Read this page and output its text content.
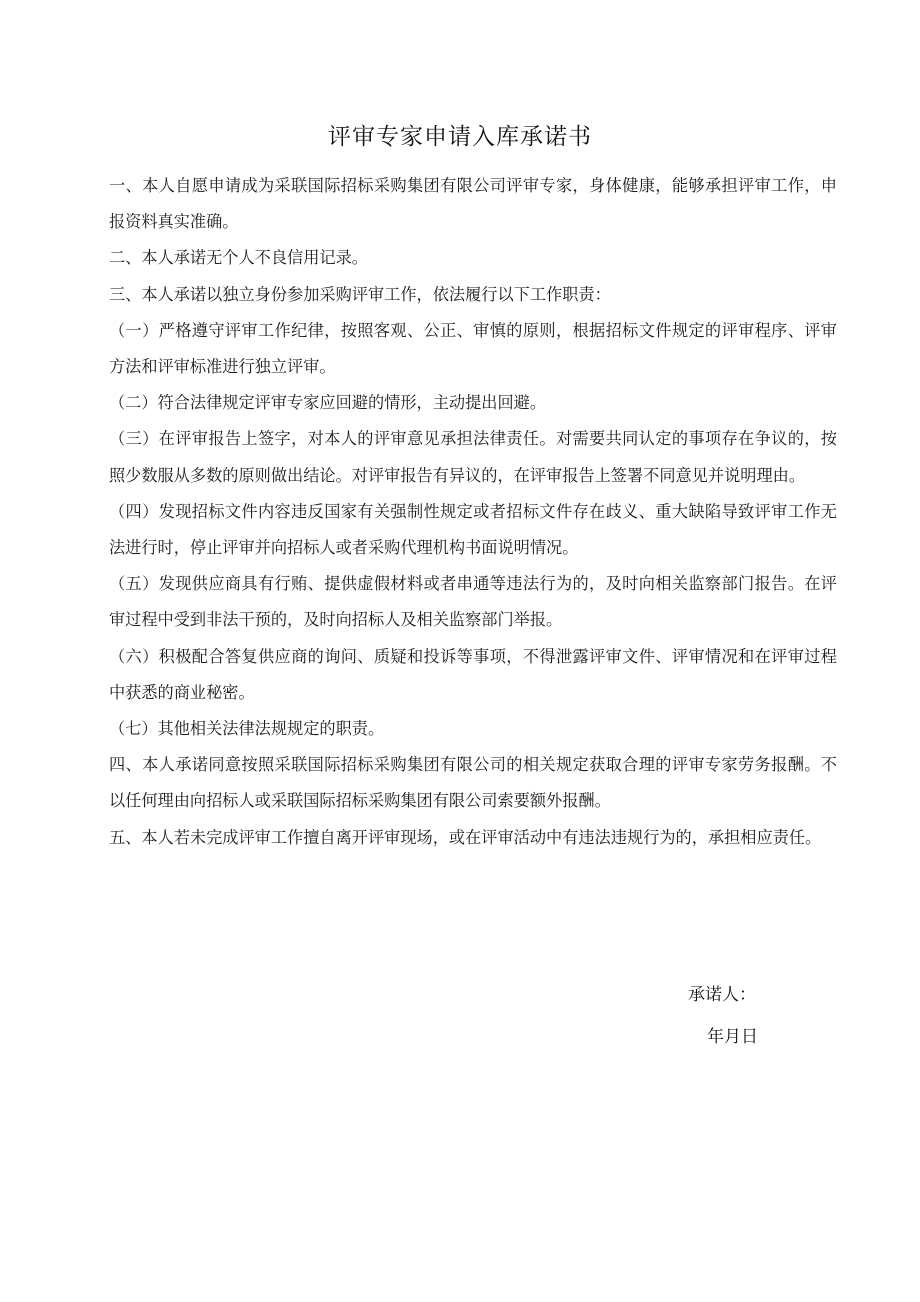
评审专家申请入库承诺书

一、本人自愿申请成为采联国际招标采购集团有限公司评审专家，身体健康，能够承担评审工作，申报资料真实准确。

二、本人承诺无个人不良信用记录。

三、本人承诺以独立身份参加采购评审工作，依法履行以下工作职责：

（一）严格遵守评审工作纪律，按照客观、公正、审慎的原则，根据招标文件规定的评审程序、评审方法和评审标准进行独立评审。

（二）符合法律规定评审专家应回避的情形，主动提出回避。

（三）在评审报告上签字，对本人的评审意见承担法律责任。对需要共同认定的事项存在争议的，按照少数服从多数的原则做出结论。对评审报告有异议的，在评审报告上签署不同意见并说明理由。

（四）发现招标文件内容违反国家有关强制性规定或者招标文件存在歧义、重大缺陷导致评审工作无法进行时，停止评审并向招标人或者采购代理机构书面说明情况。

（五）发现供应商具有行贿、提供虚假材料或者串通等违法行为的，及时向相关监察部门报告。在评审过程中受到非法干预的，及时向招标人及相关监察部门举报。

（六）积极配合答复供应商的询问、质疑和投诉等事项，不得泄露评审文件、评审情况和在评审过程中获悉的商业秘密。

（七）其他相关法律法规规定的职责。

四、本人承诺同意按照采联国际招标采购集团有限公司的相关规定获取合理的评审专家劳务报酬。不以任何理由向招标人或采联国际招标采购集团有限公司索要额外报酬。

五、本人若未完成评审工作擅自离开评审现场，或在评审活动中有违法违规行为的，承担相应责任。

承诺人：
年月日
